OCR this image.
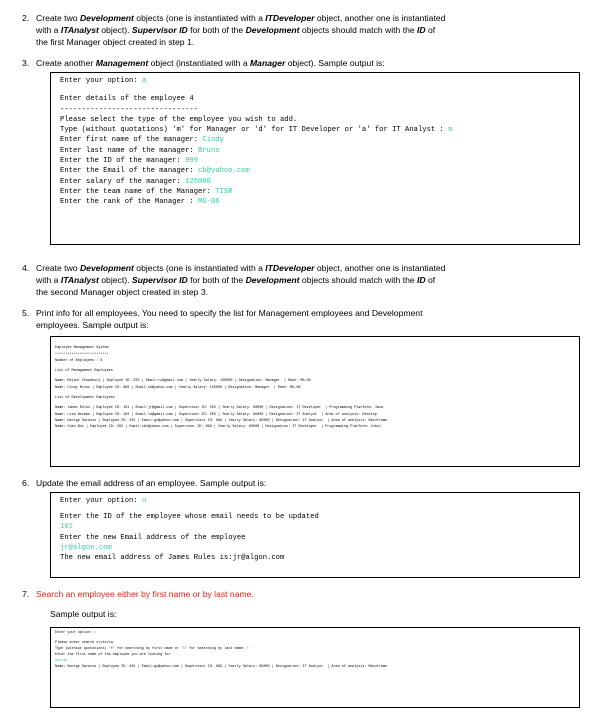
2. Create two Development objects (one is instantiated with a ITDeveloper object, another one is instantiated
with a ITAnalyst object). Supervisor ID for both of the Development objects should match with the ID of
the first Manager object created in step 1.
3. Create another Management object (instantiated with a Manager object). Sample output is:
Enter your option: a
Enter details of the employee 4
--------------------------------
Please select the type of the employee you wish to add.
Type (without quotations) 'm' for Manager or 'd' for IT Developer or 'a' for IT Analyst : m
Enter first name of the manager: Cindy
Enter last name of the manager: Bruns
Enter the ID of the manager: 999
Enter the Email of the manager: cb@yahoo.com
Enter salary of the manager: 125000
Enter the team name of the Manager: TISR
Enter the rank of the Manager : MG-06
4. Create two Development objects (one is instantiated with a ITDeveloper object, another one is instantiated
with a ITAnalyst object). Supervisor ID for both of the Development objects should match with the ID of
the second Manager object created in step 3.
5. Print info for all employees. You need to specify the list for Management employees and Development
employees. Sample output is:
-
Employee Management System
**************************
Number of Employees : 6
List of Management Employees
Name: Rejaul Chowdhury | Employee ID: 555 | Email:rc@gmail.com | Yearly Salary: 120000 | Designation: Manager  | Rank: MG-05
Name: Cindy Bruns | Employee ID: 999 | Email:cb@yahoo.com | Yearly Salary: 125000 | Designation: Manager  | Rank: MG-06
List of Development Employees
Name: James Rules | Employee ID: 101 | Email:jr@gmail.com | Supervisor ID: 555 | Yearly Salary: 90000 | Designation: IT Developer  | Programming Platform: Java
Name: Lisa Norman | Employee ID: 102 | Email:ld@gmail.com | Supervisor ID: 555 | Yearly Salary: 85000 | Designation: IT Analyst  | Area of analysis: Desktop
Name: George Sarasin | Employee ID: 201 | Email:gs@yahoo.com | Supervisor ID: 999 | Yearly Salary: 85000 | Designation: IT Analyst  | Area of analysis: Mainframe
Name: Chan Bui | Employee ID: 202 | Email:cb1@yahoo.com | Supervisor ID: 999 | Yearly Salary: 80000 | Designation: IT Developer  | Programming Platform: Cobol
6. Update the email address of an employee. Sample output is:
Enter your option: u
Enter the ID of the employee whose email needs to be updated
101
Enter the new Email address of the employee
jr@algon.com
The new email address of James Rules is:jr@algon.com
7. Search an employee either by first name or by last name.
Sample output is:
Enter your option: s
Please enter search criteria.
Type (without quotations) 'f' for searching by first name or 'l' for searching by last name: f
Enter the first name of the employee you are looking for
George
Name: George Sarasin | Employee ID: 201 | Email:gs@yahoo.com | Supervisor ID: 999 | Yearly Salary: 85000 | Designation: IT Analyst  | Area of analysis: Mainframe
